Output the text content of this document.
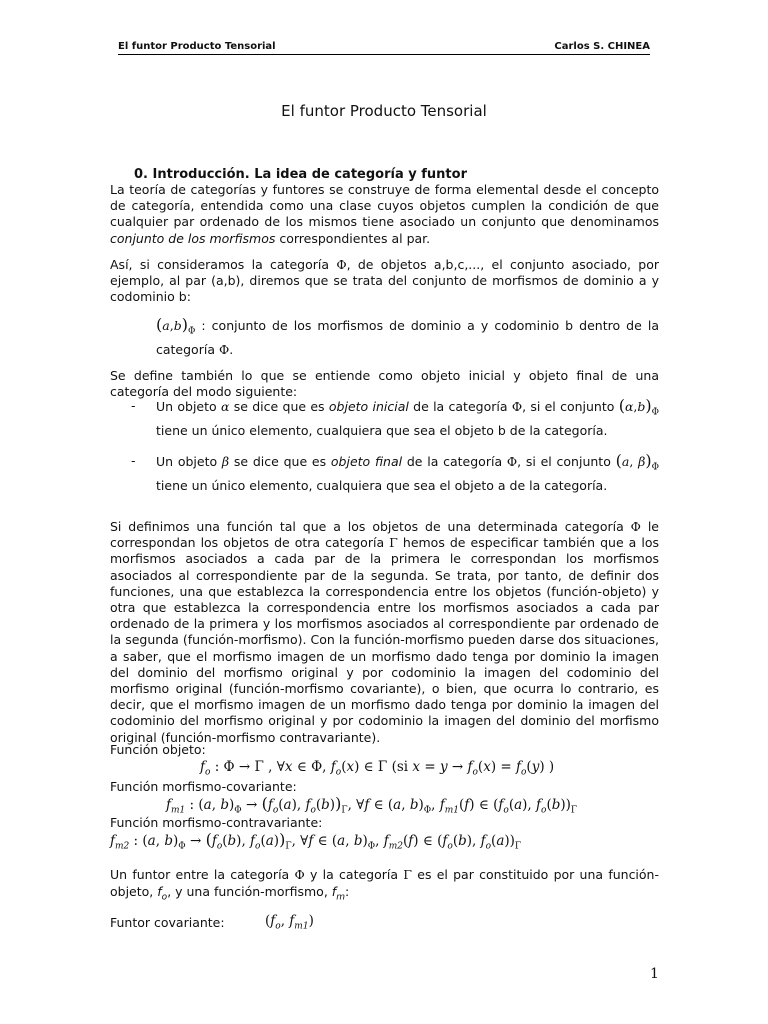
El funtor Producto Tensorial	Carlos S. CHINEA
El funtor Producto Tensorial
0. Introducción. La idea de categoría y funtor

La teoría de categorías y funtores se construye de forma elemental desde el concepto de categoría, entendida como una clase cuyos objetos cumplen la condición de que cualquier par ordenado de los mismos tiene asociado un conjunto que denominamos conjunto de los morfismos correspondientes al par.

Así, si consideramos la categoría Φ, de objetos a,b,c,..., el conjunto asociado, por ejemplo, al par (a,b), diremos que se trata del conjunto de morfismos de dominio a y codominio b:

$(a,b)_\Phi$ : conjunto de los morfismos de dominio a y codominio b dentro de la categoría Φ.

Se define también lo que se entiende como objeto inicial y objeto final de una categoría del modo siguiente:

- Un objeto α se dice que es objeto inicial de la categoría Φ, si el conjunto $(\alpha,b)_\Phi$ tiene un único elemento, cualquiera que sea el objeto b de la categoría.
- Un objeto β se dice que es objeto final de la categoría Φ, si el conjunto (a, $\beta)_\Phi$ tiene un único elemento, cualquiera que sea el objeto a de la categoría.

Si definimos una función tal que a los objetos de una determinada categoría Φ le correspondan los objetos de otra categoría Γ hemos de especificar también que a los morfismos asociados a cada par de la primera le correspondan los morfismos asociados al correspondiente par de la segunda. Se trata, por tanto, de definir dos funciones, una que establezca la correspondencia entre los objetos (función-objeto) y otra que establezca la correspondencia entre los morfismos asociados a cada par ordenado de la primera y los morfismos asociados al correspondiente par ordenado de la segunda (función-morfismo). Con la función-morfismo pueden darse dos situaciones, a saber, que el morfismo imagen de un morfismo dado tenga por dominio la imagen del dominio del morfismo original y por codominio la imagen del codominio del morfismo original (función-morfismo covariante), o bien, que ocurra lo contrario, es decir, que el morfismo imagen de un morfismo dado tenga por dominio la imagen del codominio del morfismo original y por codominio la imagen del dominio del morfismo original (función-morfismo contravariante).

Función objeto:
$f_o$ : Φ → Γ , ∀x ∈ Φ, $f_o(x)$ ∈ Γ (si $x = y \to f_o(x) = f_o(y)$ )
Función morfismo-covariante:
$f_{m1}$ : (a, $b)_\Phi \to (f_o(a)$, $f_o(b))_\Gamma$, ∀f ∈ (a, $b)_\Phi$, $f_{m1}(f)$ ∈ ($f_o(a)$, $f_o(b))_\Gamma$
Función morfismo-contravariante:
$f_{m2}$ : (a, $b)_\Phi \to (f_o(b)$, $f_o(a))_\Gamma$, ∀f ∈ (a, $b)_\Phi$, $f_{m2}(f)$ ∈ ($f_o(b)$, $f_o(a))_\Gamma$

Un funtor entre la categoría Φ y la categoría Γ es el par constituido por una función-objeto, $f_o$, y una función-morfismo, $f_m$:

Funtor covariante:	($f_o$, $f_{m1}$)
1
